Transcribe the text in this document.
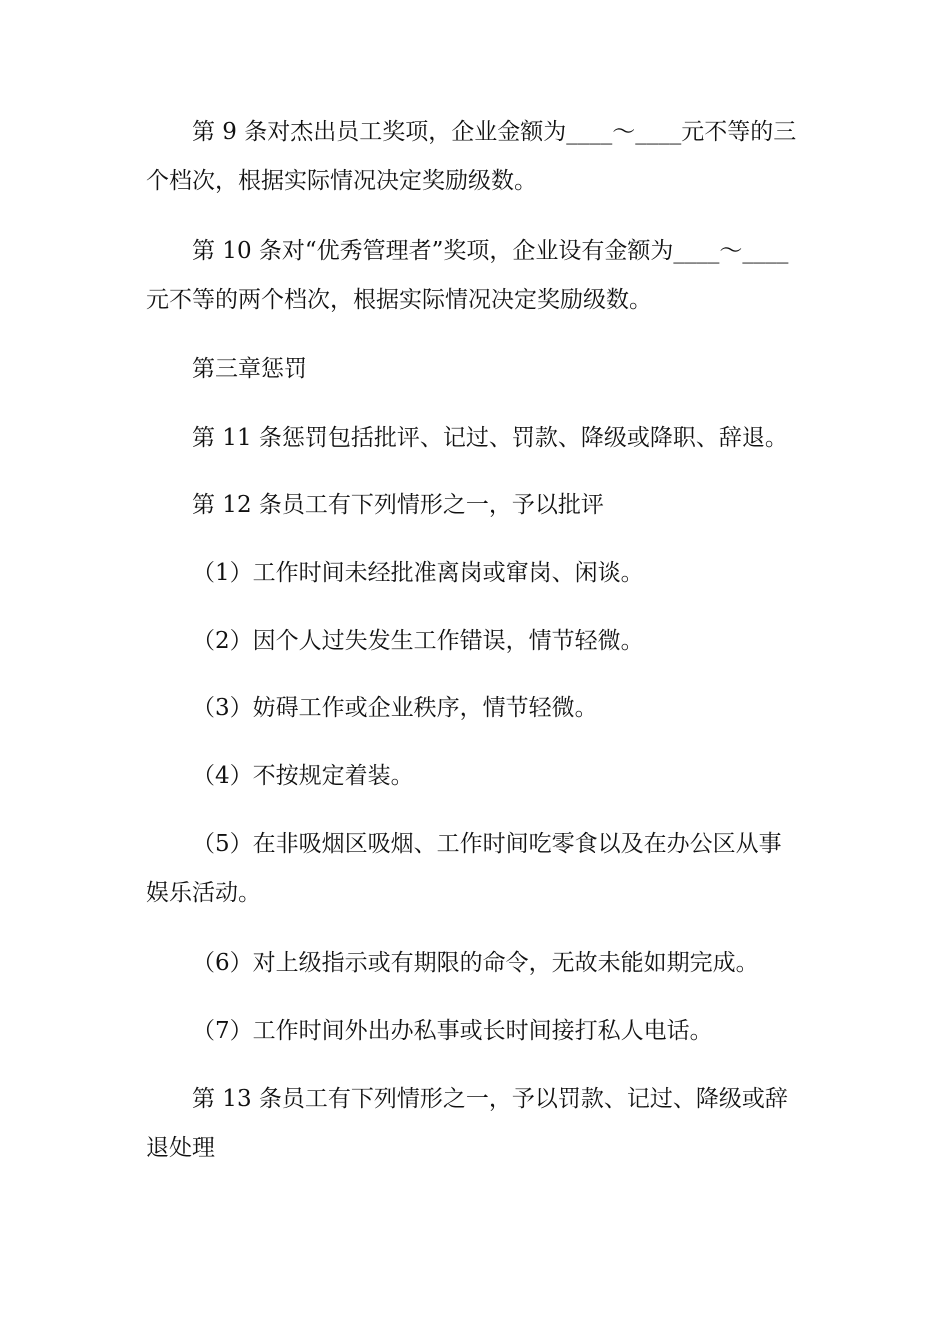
第 9 条对杰出员工奖项，企业金额为____～____元不等的三
个档次，根据实际情况决定奖励级数。

第 10 条对“优秀管理者”奖项，企业设有金额为____～____
元不等的两个档次，根据实际情况决定奖励级数。

第三章惩罚

第 11 条惩罚包括批评、记过、罚款、降级或降职、辞退。

第 12 条员工有下列情形之一，予以批评

（1）工作时间未经批准离岗或窜岗、闲谈。

（2）因个人过失发生工作错误，情节轻微。

（3）妨碍工作或企业秩序，情节轻微。

（4）不按规定着装。

（5）在非吸烟区吸烟、工作时间吃零食以及在办公区从事
娱乐活动。

（6）对上级指示或有期限的命令，无故未能如期完成。

（7）工作时间外出办私事或长时间接打私人电话。

第 13 条员工有下列情形之一，予以罚款、记过、降级或辞
退处理
